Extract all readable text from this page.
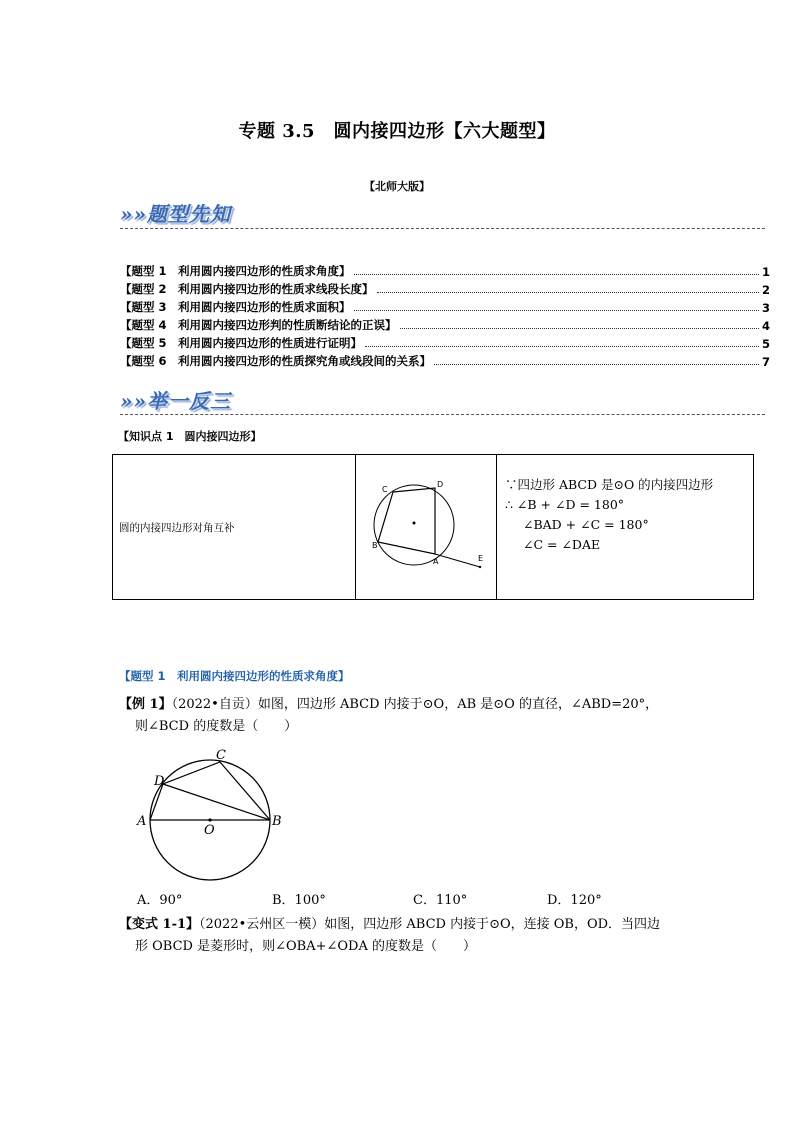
专题 3.5　圆内接四边形【六大题型】
【北师大版】
»»题型先知
【题型 1　利用圆内接四边形的性质求角度】	1
【题型 2　利用圆内接四边形的性质求线段长度】	2
【题型 3　利用圆内接四边形的性质求面积】	3
【题型 4　利用圆内接四边形判的性质断结论的正误】	4
【题型 5　利用圆内接四边形的性质进行证明】	5
【题型 6　利用圆内接四边形的性质探究角或线段间的关系】	7
»»举一反三
【知识点 1　圆内接四边形】
圆的内接四边形对角互补	
C
D
B
A	E

∵四边形 ABCD 是⊙O 的内接四边形
∴ ∠B + ∠D = 180°
∠BAD + ∠C = 180°
∠C = ∠DAE
【题型 1　利用圆内接四边形的性质求角度】
【例 1】（2022•自贡）如图，四边形 ABCD 内接于⊙O，AB 是⊙O 的直径，∠ABD=20°，
则∠BCD 的度数是（　　）
C
D
A
O
B
A．90°	B．100°	C．110°	D．120°
【变式 1-1】（2022•云州区一模）如图，四边形 ABCD 内接于⊙O，连接 OB，OD．当四边
形 OBCD 是菱形时，则∠OBA+∠ODA 的度数是（　　）
